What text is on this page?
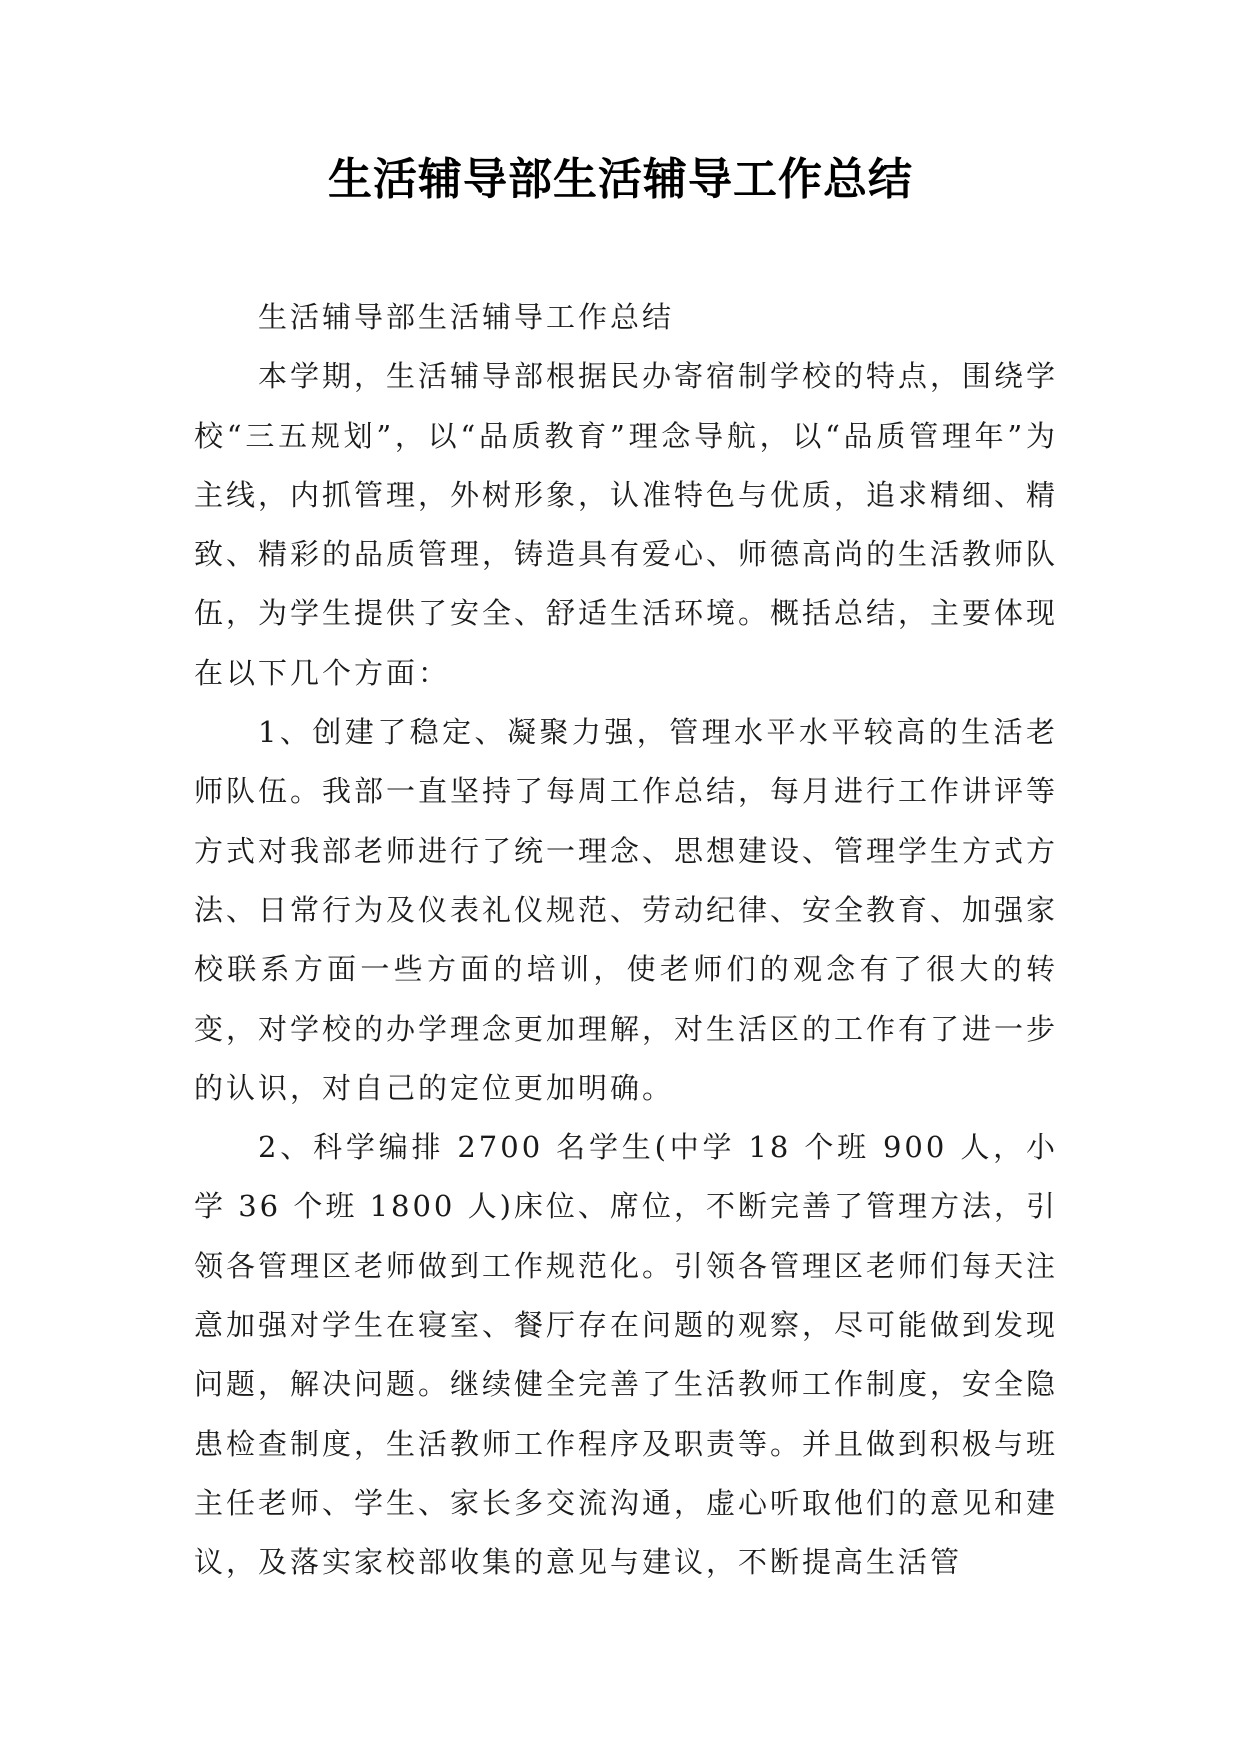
生活辅导部生活辅导工作总结

生活辅导部生活辅导工作总结

本学期，生活辅导部根据民办寄宿制学校的特点，围绕学校“三五规划”，以“品质教育”理念导航，以“品质管理年”为主线，内抓管理，外树形象，认准特色与优质，追求精细、精致、精彩的品质管理，铸造具有爱心、师德高尚的生活教师队伍，为学生提供了安全、舒适生活环境。概括总结，主要体现在以下几个方面：

1、创建了稳定、凝聚力强，管理水平水平较高的生活老师队伍。我部一直坚持了每周工作总结，每月进行工作讲评等方式对我部老师进行了统一理念、思想建设、管理学生方式方法、日常行为及仪表礼仪规范、劳动纪律、安全教育、加强家校联系方面一些方面的培训，使老师们的观念有了很大的转变，对学校的办学理念更加理解，对生活区的工作有了进一步的认识，对自己的定位更加明确。

2、科学编排 2700 名学生(中学 18 个班 900 人，小学 36 个班 1800 人)床位、席位，不断完善了管理方法，引领各管理区老师做到工作规范化。引领各管理区老师们每天注意加强对学生在寝室、餐厅存在问题的观察，尽可能做到发现问题，解决问题。继续健全完善了生活教师工作制度，安全隐患检查制度，生活教师工作程序及职责等。并且做到积极与班主任老师、学生、家长多交流沟通，虚心听取他们的意见和建议，及落实家校部收集的意见与建议，不断提高生活管
